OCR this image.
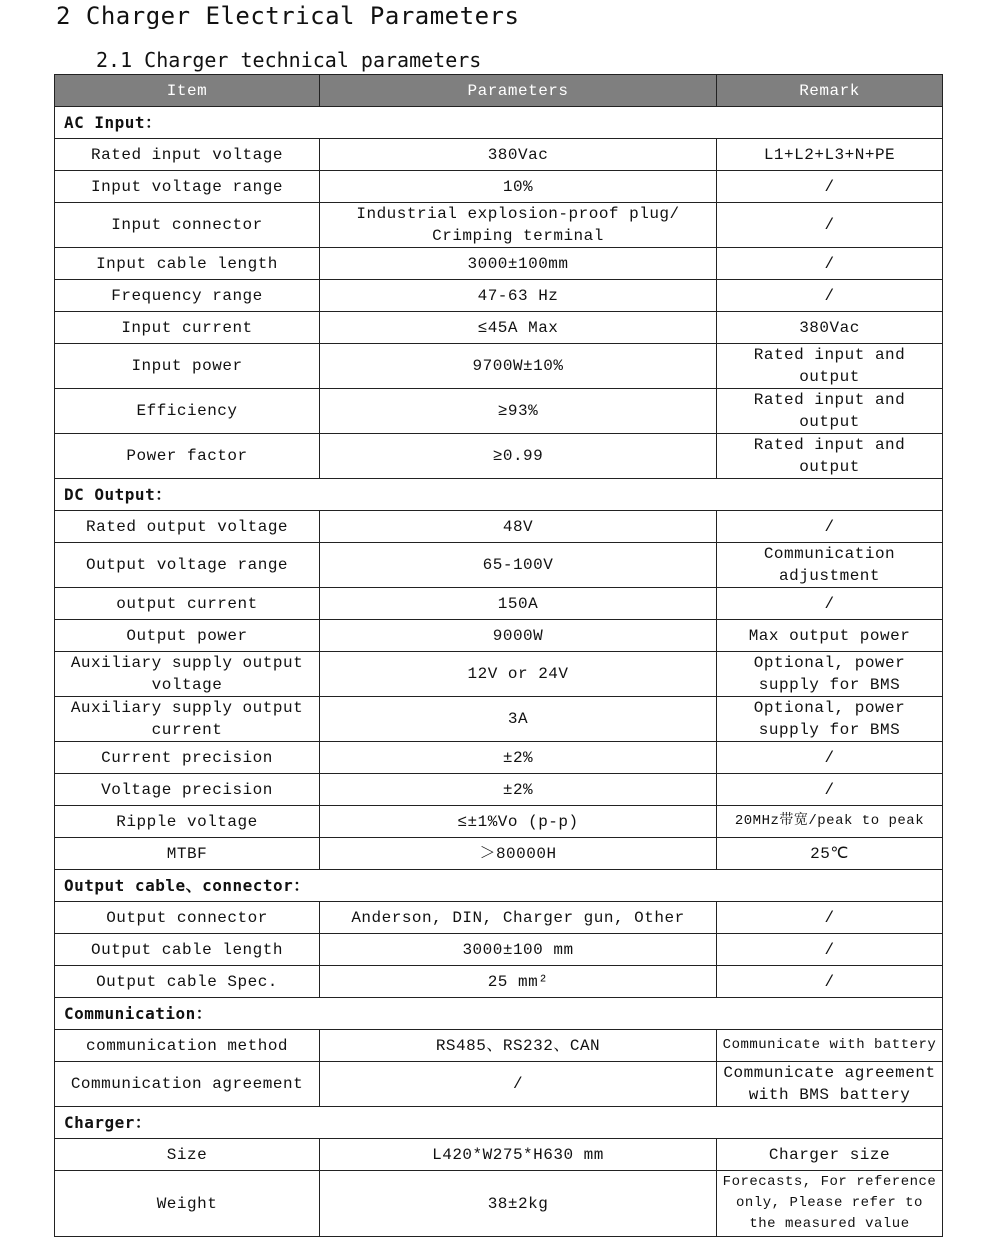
2 Charger Electrical Parameters
2.1 Charger technical parameters
Item	Parameters	Remark
AC Input：		
Rated input voltage	380Vac	L1+L2+L3+N+PE
Input voltage range	10%	/
Input connector	Industrial explosion-proof plug/ Crimping terminal	/
Input cable length	3000±100mm	/
Frequency range	47-63 Hz	/
Input current	≤45A Max	380Vac
Input power	9700W±10%	Rated input and output
Efficiency	≥93%	Rated input and output
Power factor	≥0.99	Rated input and output
DC Output：		
Rated output voltage	48V	/
Output voltage range	65-100V	Communication adjustment
output current	150A	/
Output power	9000W	Max output power
Auxiliary supply output voltage	12V or 24V	Optional, power supply for BMS
Auxiliary supply output current	3A	Optional, power supply for BMS
Current precision	±2%	/
Voltage precision	±2%	/
Ripple voltage	≤±1%Vo (p-p)	20MHz带宽/peak to peak
MTBF	＞80000H	25℃
Output cable、connector：		
Output connector	Anderson, DIN, Charger gun, Other	/
Output cable length	3000±100 mm	/
Output cable Spec.	25 mm²	/
Communication：		
communication method	RS485、RS232、CAN	Communicate with battery
Communication agreement	/	Communicate agreement with BMS battery
Charger：		
Size	L420*W275*H630 mm	Charger size
Weight	38±2kg	Forecasts, For reference only, Please refer to the measured value
